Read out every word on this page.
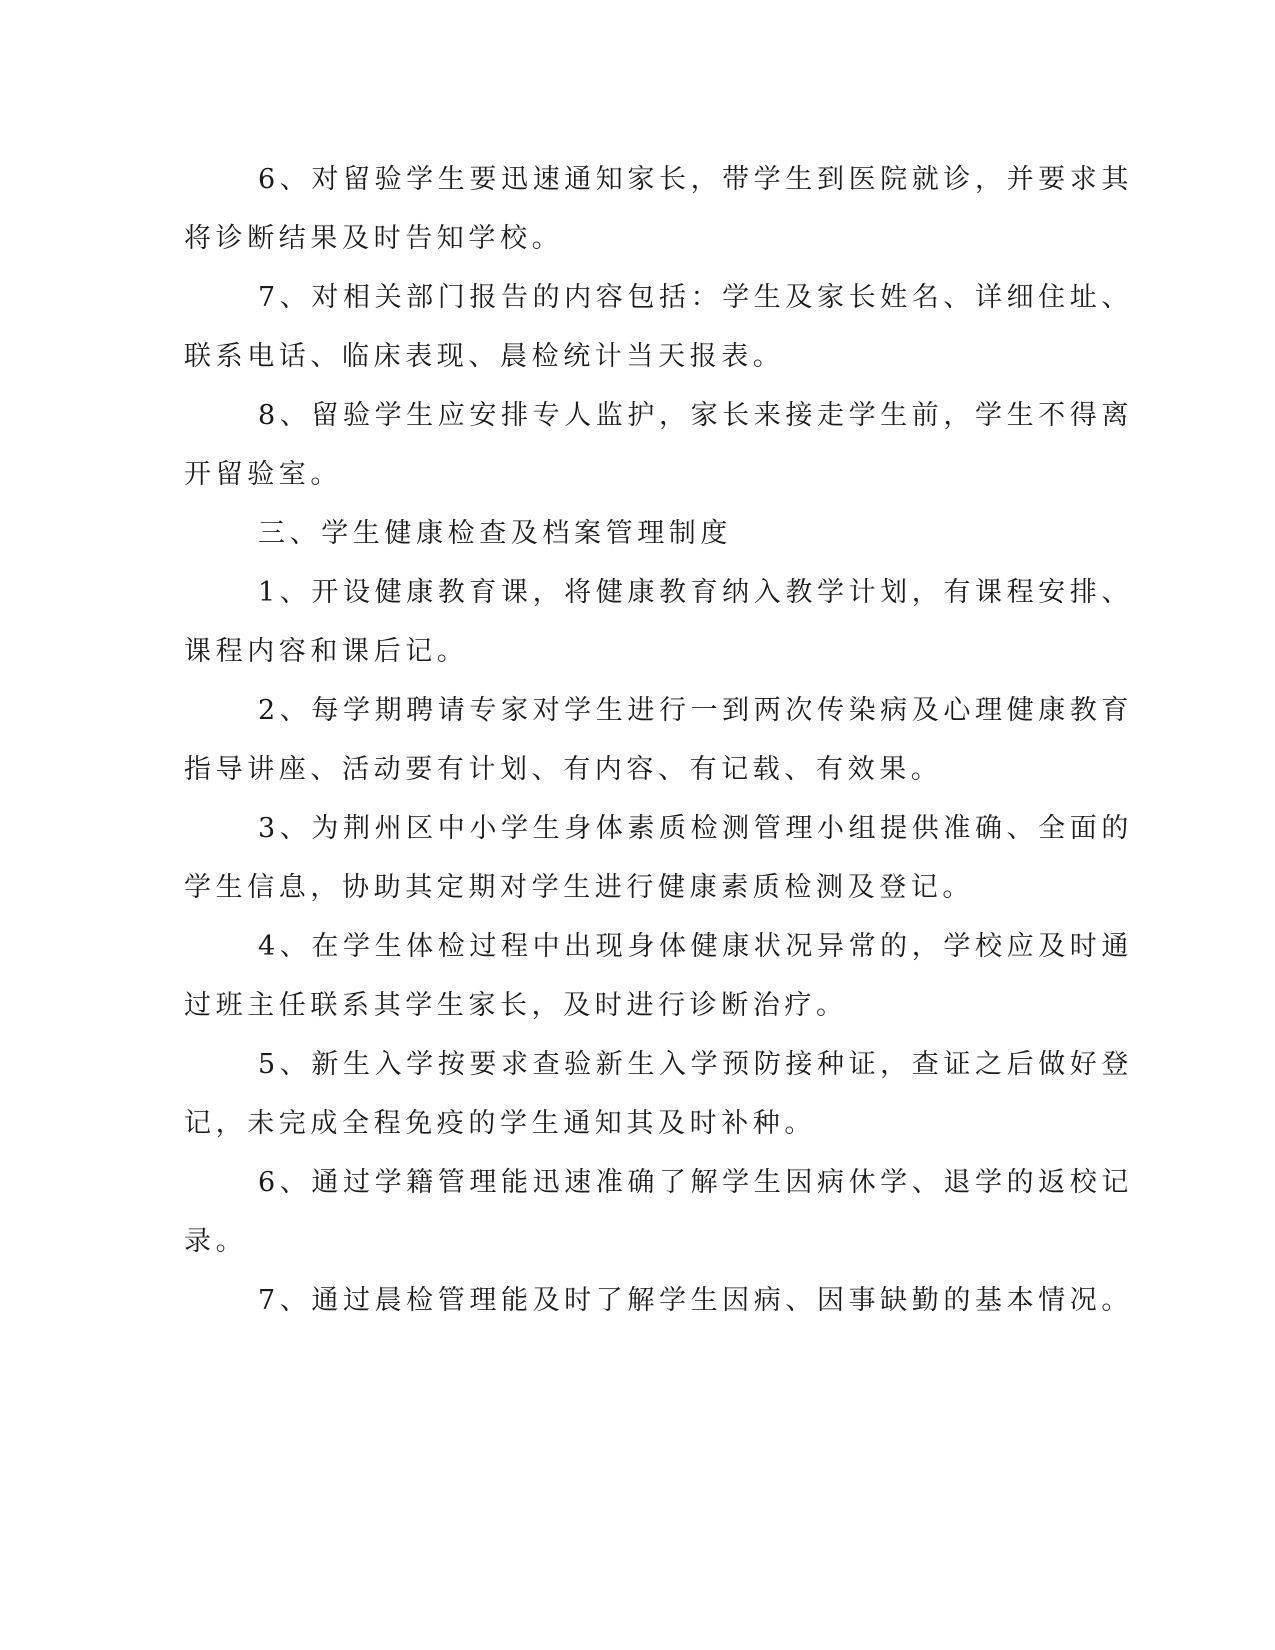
6、对留验学生要迅速通知家长，带学生到医院就诊，并要求其
将诊断结果及时告知学校。
7、对相关部门报告的内容包括：学生及家长姓名、详细住址、
联系电话、临床表现、晨检统计当天报表。
8、留验学生应安排专人监护，家长来接走学生前，学生不得离
开留验室。
三、学生健康检查及档案管理制度
1、开设健康教育课，将健康教育纳入教学计划，有课程安排、
课程内容和课后记。
2、每学期聘请专家对学生进行一到两次传染病及心理健康教育
指导讲座、活动要有计划、有内容、有记载、有效果。
3、为荆州区中小学生身体素质检测管理小组提供准确、全面的
学生信息，协助其定期对学生进行健康素质检测及登记。
4、在学生体检过程中出现身体健康状况异常的，学校应及时通
过班主任联系其学生家长，及时进行诊断治疗。
5、新生入学按要求查验新生入学预防接种证，查证之后做好登
记，未完成全程免疫的学生通知其及时补种。
6、通过学籍管理能迅速准确了解学生因病休学、退学的返校记
录。
7、通过晨检管理能及时了解学生因病、因事缺勤的基本情况。
